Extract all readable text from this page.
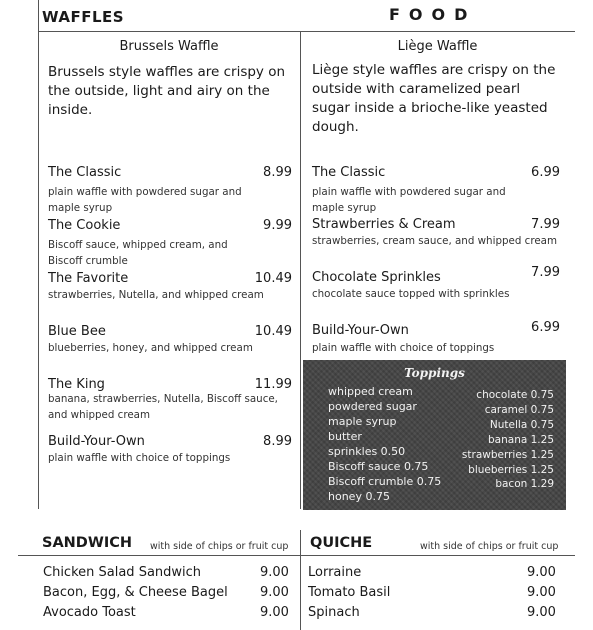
WAFFLES	FOOD
Brussels Waffle
Brussels style waffles are crispy on the outside, light and airy on the inside.
The Classic	8.99
plain waffle with powdered sugar and maple syrup
The Cookie	9.99
Biscoff sauce, whipped cream, and Biscoff crumble
The Favorite	10.49
strawberries, Nutella, and whipped cream
Blue Bee	10.49
blueberries, honey, and whipped cream
The King	11.99
banana, strawberries, Nutella, Biscoff sauce, and whipped cream
Build-Your-Own	8.99
plain waffle with choice of toppings
Liège Waffle
Liège style waffles are crispy on the outside with caramelized pearl sugar inside a brioche-like yeasted dough.
The Classic	6.99
plain waffle with powdered sugar and maple syrup
Strawberries & Cream	7.99
strawberries, cream sauce, and whipped cream
Chocolate Sprinkles	7.99
chocolate sauce topped with sprinkles
Build-Your-Own	6.99
plain waffle with choice of toppings
Toppings
whipped cream
powdered sugar
maple syrup
butter
sprinkles 0.50
Biscoff sauce 0.75
Biscoff crumble 0.75
honey 0.75
chocolate 0.75
caramel 0.75
Nutella 0.75
banana 1.25
strawberries 1.25
blueberries 1.25
bacon 1.29
SANDWICH with side of chips or fruit cup
Chicken Salad Sandwich	9.00
Bacon, Egg, & Cheese Bagel 9.00
Avocado Toast	9.00
QUICHE	with side of chips or fruit cup
Lorraine	9.00
Tomato Basil	9.00
Spinach	9.00
